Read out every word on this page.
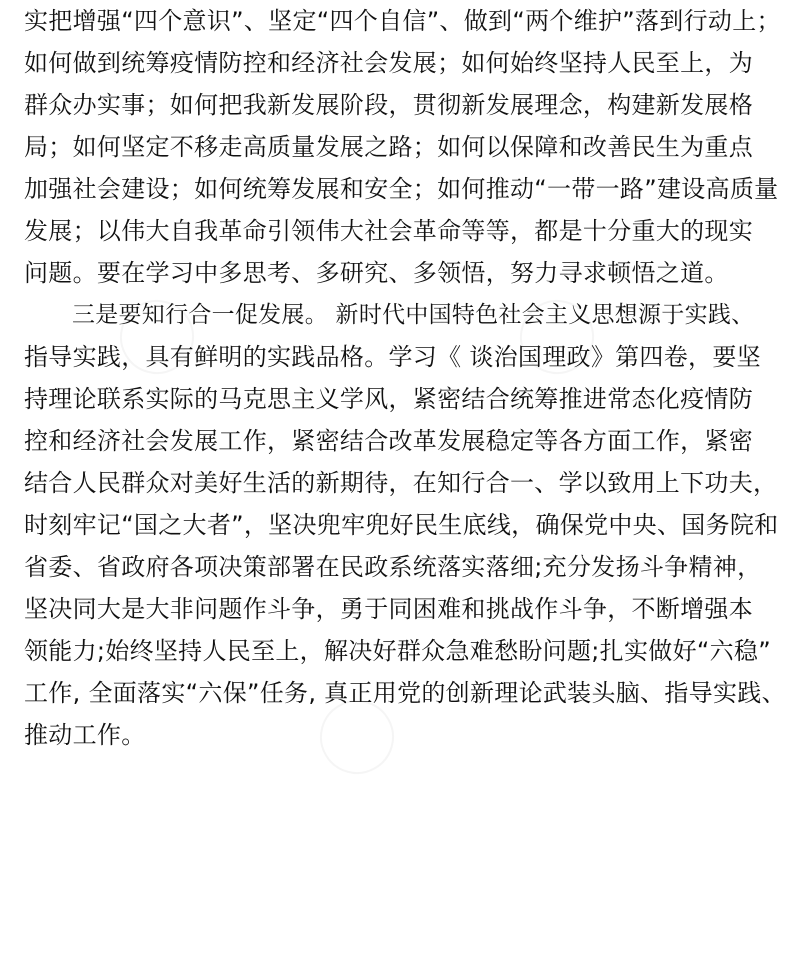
实把增强“四个意识”、坚定“四个自信”、做到“两个维护”落到行动上；
如何做到统筹疫情防控和经济社会发展；如何始终坚持人民至上，为
群众办实事；如何把我新发展阶段，贯彻新发展理念，构建新发展格
局；如何坚定不移走高质量发展之路；如何以保障和改善民生为重点
加强社会建设；如何统筹发展和安全；如何推动“一带一路”建设高质量
发展；以伟大自我革命引领伟大社会革命等等，都是十分重大的现实
问题。要在学习中多思考、多研究、多领悟，努力寻求顿悟之道。
三是要知行合一促发展。 新时代中国特色社会主义思想源于实践、
指导实践，具有鲜明的实践品格。学习《 谈治国理政》第四卷，要坚
持理论联系实际的马克思主义学风，紧密结合统筹推进常态化疫情防
控和经济社会发展工作，紧密结合改革发展稳定等各方面工作，紧密
结合人民群众对美好生活的新期待，在知行合一、学以致用上下功夫，
时刻牢记“国之大者”，坚决兜牢兜好民生底线，确保党中央、国务院和
省委、省政府各项决策部署在民政系统落实落细;充分发扬斗争精神，
坚决同大是大非问题作斗争，勇于同困难和挑战作斗争，不断增强本
领能力;始终坚持人民至上，解决好群众急难愁盼问题;扎实做好“六稳”
工作, 全面落实“六保”任务, 真正用党的创新理论武装头脑、指导实践、
推动工作。
